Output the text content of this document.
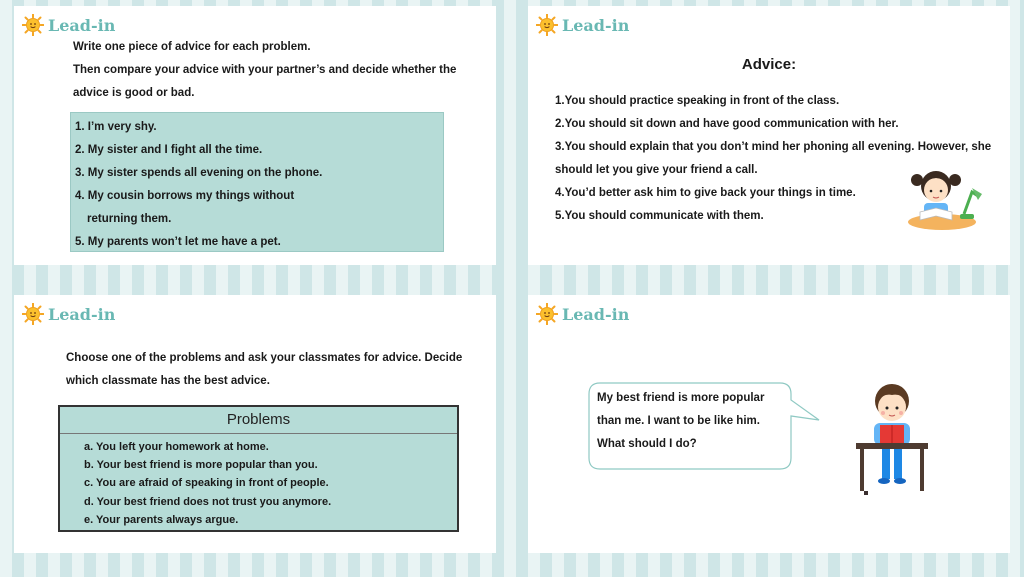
Lead-in
Write one piece of advice for each problem.
Then compare your advice with your partner’s and decide whether the
advice is good or bad.
1. I’m very shy.
2. My sister and I fight all the time.
3. My sister spends all evening on the phone.
4. My cousin borrows my things without
returning them.
5. My parents won’t let me have a pet.
Lead-in
Advice:
1.You should practice speaking in front of the class.
2.You should sit down and have good communication with her.
3.You should explain that you don’t mind her phoning all evening. However, she
should let you give your friend a call.
4.You’d better ask him to give back your things in time.
5.You should communicate with them.
Lead-in
Choose one of the problems and ask your classmates for advice. Decide
which classmate has the best advice.
Problems
a. You left your homework at home.
b. Your best friend is more popular than you.
c. You are afraid of speaking in front of people.
d. Your best friend does not trust you anymore.
e. Your parents always argue.
Lead-in
My best friend is more popular
than me. I want to be like him.
What should I do?
